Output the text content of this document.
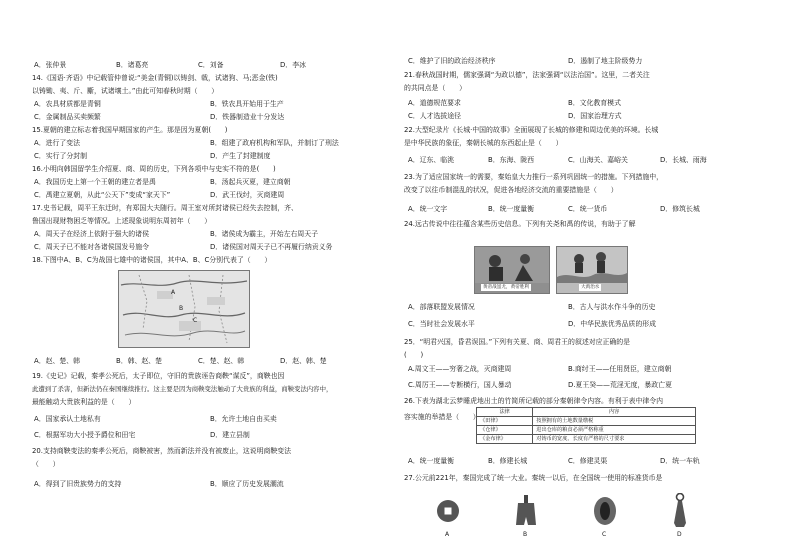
A．张仲景	B．诸葛亮	C．刘备	D．李冰
14.《国语·齐语》中记载管仲曾说:“美金(青铜)以铸剑、戟，试诸狗、马;恶金(铁)
以铸锄、夷、斤、斸，试诸壤土。”由此可知春秋时期（　　）
A．农具材质都是青铜	B．铁农具开始用于生产
C．金属制品买卖频繁	D．铁器制造业十分发达
15.夏朝的建立标志着我国早期国家的产生。那是因为夏朝(　　)
A．进行了变法	B．组建了政府机构和军队，并制订了刑法
C．实行了分封制	D．产生了封建制度
16.小明向韩国留学生介绍夏、商、周的历史，下列各项中与史实不符的是(　　)
A．我国历史上第一个王朝的建立者是禹	B．汤起兵灭夏，建立商朝
C．禹建立夏朝，从此“公天下”变成“家天下”	D．武王伐纣，灭商建周
17.史书记载，周平王东迁时，有郑国大夫随行。周王室对所封诸侯已经失去控制，齐、
鲁国出现财物困乏等情况。上述现象说明东周初年（　　）
A．周天子在经济上依附于强大的诸侯	B．诸侯成为霸主，开始左右周天子
C．周天子已不能对各诸侯国发号施令	D．诸侯国对周天子已不再履行纳贡义务
18.下图中A、B、C为战国七雄中的诸侯国，其中A、B、C分别代表了（　　）
A
B
C
A．赵、楚、韩	B．韩、赵、楚	C．楚、赵、韩	D．赵、韩、楚
19.《史记》记载，秦孝公死后，太子即位，守旧的贵族诬告商鞅“谋反”，商鞅也因
此遭到了杀害，但新法仍在秦国继续推行。这主要是因为商鞅变法触动了大贵族的利益，商鞅变法内容中，
最能触动大贵族利益的是（　　）
A．国家承认土地私有	B．允许土地自由买卖
C．根据军功大小授予爵位和田宅	D．建立县制
20.支持商鞅变法的秦孝公死后，商鞅被害，然而新法并没有被废止，这说明商鞅变法
（　　）
A．得到了旧贵族势力的支持	B．顺应了历史发展潮流
C．维护了旧的政治经济秩序	D．遏制了地主阶级势力
21.春秋战国时期，儒家强调“为政以德”，法家强调“以法治国”。这里，二者关注
的共同点是（　　）
A．道德规范要求	B．文化教育模式
C．人才选拔途径	D．国家治理方式
22.大型纪录片《长城·中国的故事》全面展现了长城的修建和周边优美的环境。长城
是中华民族的象征，秦朝长城的东西起止是（　　）
A．辽东、临洮	B．东海、陇西	C．山海关、嘉峪关	D．长城、雨海
23.为了适应国家统一的需要，秦始皇大力推行一系列巩固统一的措施。下列措施中，
改变了以往币制混乱的状况，促进各地经济交流的重要措施是（　　）
A．统一文字	B．统一度量衡	C．统一货币	D．修筑长城
24.远古传说中往往蕴含某些历史信息。下列有关尧和禹的传说，有助于了解
黄帝战蚩尤，黄帝胜利	大禹治水
A．部落联盟发展情况	B．古人与洪水作斗争的历史
C．当时社会发展水平	D．中华民族优秀品质的形成
25．“明君兴国，昏君误国。”下列有关夏、商、周君王的叙述对应正确的是
(　　)
A.周文王——穷奢之战，灭商建周	B.商纣王——任用贤臣，建立商朝
C.周厉王——专断横行，国人暴动	D.夏王癸——荒淫无度，暴政亡夏
26.下表为湖北云梦睡虎地出土的竹简所记载的部分秦朝律令内容。有利于表中律令内
容实施的举措是（　　）
法律	内容
《田律》	按照拥有的土地数量缴税
《仓律》	进出仓库的粮食必须严格称重
《金布律》	对铸币的宽度、长度有严格的尺寸要求
A．统一度量衡	B．修建长城	C．修建灵渠	D．统一车轨
27.公元前221年，秦国完成了统一大业。秦统一以后，在全国统一使用的标准货币是
A	B	C	D
